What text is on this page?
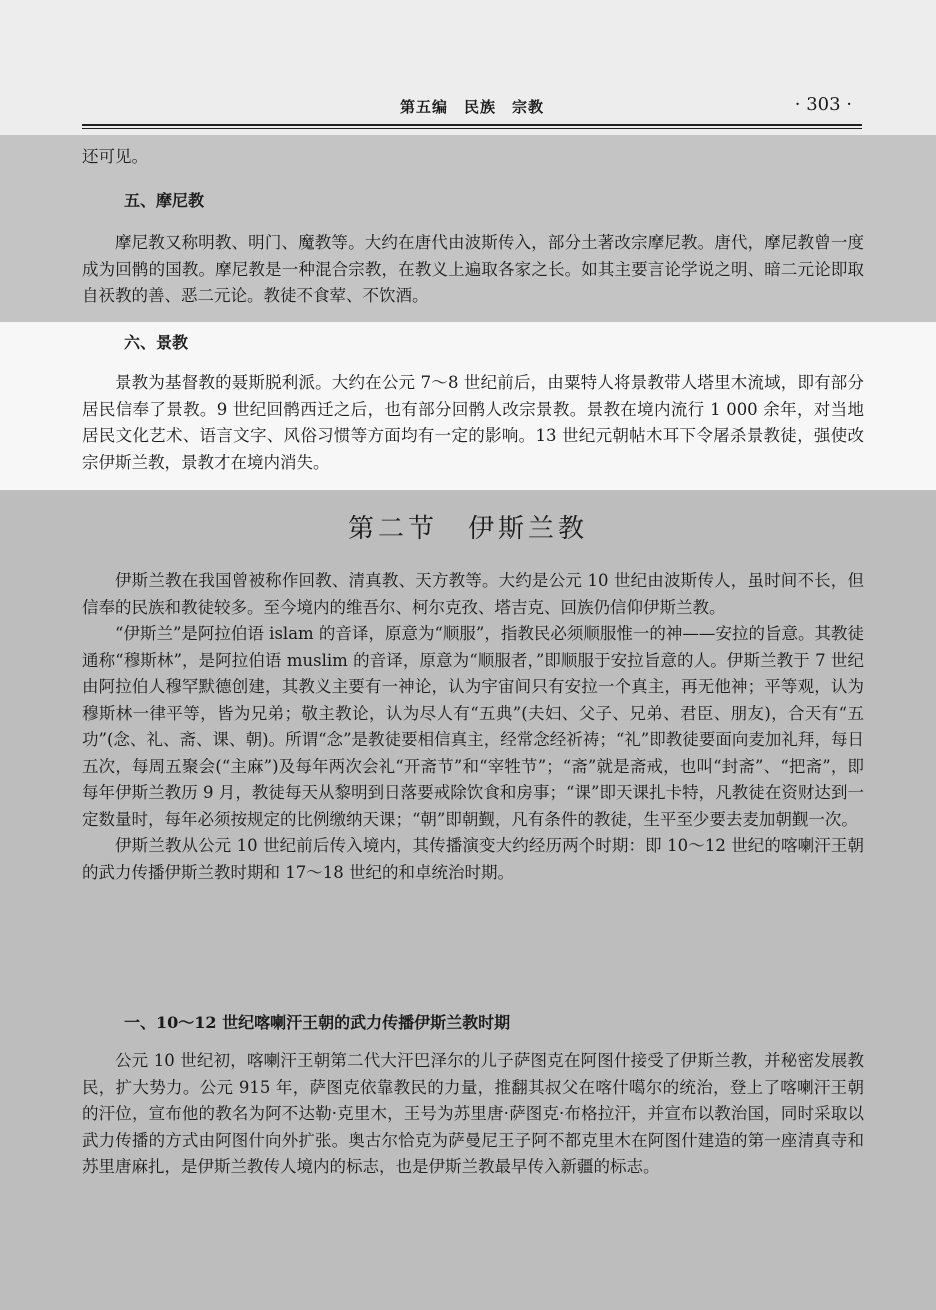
第五编　民族　宗教	· 303 ·

还可见。

五、摩尼教

摩尼教又称明教、明门、魔教等。大约在唐代由波斯传入，部分土著改宗摩尼教。唐代，摩尼教曾一度成为回鹘的国教。摩尼教是一种混合宗教，在教义上遍取各家之长。如其主要言论学说之明、暗二元论即取自祆教的善、恶二元论。教徒不食荤、不饮酒。

六、景教

景教为基督教的聂斯脱利派。大约在公元 7～8 世纪前后，由粟特人将景教带人塔里木流域，即有部分居民信奉了景教。9 世纪回鹘西迁之后，也有部分回鹘人改宗景教。景教在境内流行 1 000 余年，对当地居民文化艺术、语言文字、风俗习惯等方面均有一定的影响。13 世纪元朝帖木耳下令屠杀景教徒，强使改宗伊斯兰教，景教才在境内消失。

第二节　伊斯兰教

伊斯兰教在我国曾被称作回教、清真教、天方教等。大约是公元 10 世纪由波斯传人，虽时间不长，但信奉的民族和教徒较多。至今境内的维吾尔、柯尔克孜、塔吉克、回族仍信仰伊斯兰教。

“伊斯兰”是阿拉伯语 islam 的音译，原意为“顺服”，指教民必须顺服惟一的神——安拉的旨意。其教徒通称“穆斯林”，是阿拉伯语 muslim 的音译，原意为“顺服者，”即顺服于安拉旨意的人。伊斯兰教于 7 世纪由阿拉伯人穆罕默德创建，其教义主要有一神论，认为宇宙间只有安拉一个真主，再无他神；平等观，认为穆斯林一律平等，皆为兄弟；敬主教论，认为尽人有“五典”(夫妇、父子、兄弟、君臣、朋友)，合天有“五功”(念、礼、斋、课、朝)。所谓“念”是教徒要相信真主，经常念经祈祷；“礼”即教徒要面向麦加礼拜，每日五次，每周五聚会(“主麻”)及每年两次会礼“开斋节”和“宰牲节”；“斋”就是斋戒，也叫“封斋”、“把斋”，即每年伊斯兰教历 9 月，教徒每天从黎明到日落要戒除饮食和房事；“课”即天课扎卡特，凡教徒在资财达到一定数量时，每年必须按规定的比例缴纳天课；“朝”即朝觐，凡有条件的教徒，生平至少要去麦加朝觐一次。

伊斯兰教从公元 10 世纪前后传入境内，其传播演变大约经历两个时期：即 10～12 世纪的喀喇汗王朝的武力传播伊斯兰教时期和 17～18 世纪的和卓统治时期。

一、10～12 世纪喀喇汗王朝的武力传播伊斯兰教时期

公元 10 世纪初，喀喇汗王朝第二代大汗巴泽尔的儿子萨图克在阿图什接受了伊斯兰教，并秘密发展教民，扩大势力。公元 915 年，萨图克依靠教民的力量，推翻其叔父在喀什噶尔的统治，登上了喀喇汗王朝的汗位，宣布他的教名为阿不达勒·克里木，王号为苏里唐·萨图克·布格拉汗，并宣布以教治国，同时采取以武力传播的方式由阿图什向外扩张。奥古尔恰克为萨曼尼王子阿不都克里木在阿图什建造的第一座清真寺和苏里唐麻扎，是伊斯兰教传人境内的标志，也是伊斯兰教最早传入新疆的标志。
